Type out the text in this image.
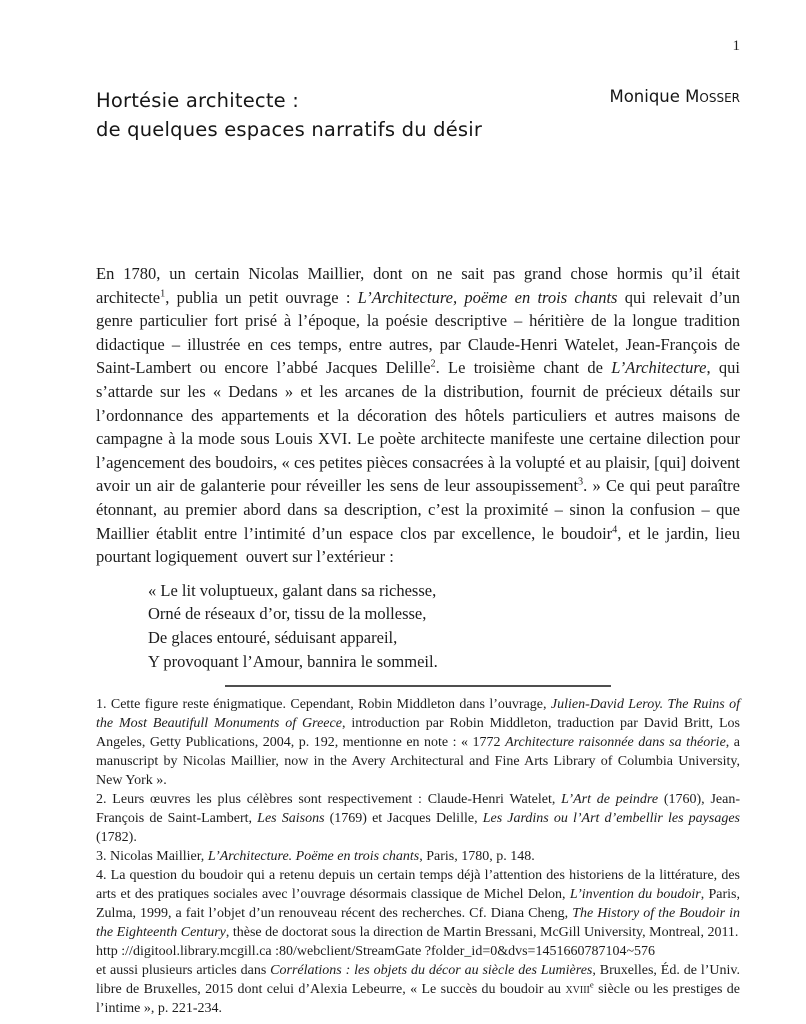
1
Hortésie architecte :
de quelques espaces narratifs du désir
Monique Mosser

En 1780, un certain Nicolas Maillier, dont on ne sait pas grand chose hormis qu’il était architecte$^1$, publia un petit ouvrage : L’Architecture, poëme en trois chants qui relevait d’un genre particulier fort prisé à l’époque, la poésie descriptive – héritière de la longue tradition didactique – illustrée en ces temps, entre autres, par Claude-Henri Watelet, Jean-François de Saint-Lambert ou encore l’abbé Jacques Delille$^2$. Le troisième chant de L’Architecture, qui s’attarde sur les « Dedans » et les arcanes de la distribution, fournit de précieux détails sur l’ordonnance des appartements et la décoration des hôtels particuliers et autres maisons de campagne à la mode sous Louis XVI. Le poète architecte manifeste une certaine dilection pour l’agencement des boudoirs, « ces petites pièces consacrées à la volupté et au plaisir, [qui] doivent avoir un air de galanterie pour réveiller les sens de leur assoupissement$^3$. » Ce qui peut paraître étonnant, au premier abord dans sa description, c’est la proximité – sinon la confusion – que Maillier établit entre l’intimité d’un espace clos par excellence, le boudoir$^4$, et le jardin, lieu pourtant logiquement ouvert sur l’extérieur :

« Le lit voluptueux, galant dans sa richesse,
Orné de réseaux d’or, tissu de la mollesse,
De glaces entouré, séduisant appareil,
Y provoquant l’Amour, bannira le sommeil.

1. Cette figure reste énigmatique. Cependant, Robin Middleton dans l’ouvrage, Julien-David Leroy. The Ruins of the Most Beautifull Monuments of Greece, introduction par Robin Middleton, traduction par David Britt, Los Angeles, Getty Publications, 2004, p. 192, mentionne en note : « 1772 Architecture raisonnée dans sa théorie, a manuscript by Nicolas Maillier, now in the Avery Architectural and Fine Arts Library of Columbia University, New York ».

2. Leurs œuvres les plus célèbres sont respectivement : Claude-Henri Watelet, L’Art de peindre (1760), Jean-François de Saint-Lambert, Les Saisons (1769) et Jacques Delille, Les Jardins ou l’Art d’embellir les paysages (1782).

3. Nicolas Maillier, L’Architecture. Poëme en trois chants, Paris, 1780, p. 148.

4. La question du boudoir qui a retenu depuis un certain temps déjà l’attention des historiens de la littérature, des arts et des pratiques sociales avec l’ouvrage désormais classique de Michel Delon, L’invention du boudoir, Paris, Zulma, 1999, a fait l’objet d’un renouveau récent des recherches. Cf. Diana Cheng, The History of the Boudoir in the Eighteenth Century, thèse de doctorat sous la direction de Martin Bressani, McGill University, Montreal, 2011.

http ://digitool.library.mcgill.ca :80/webclient/StreamGate ?folder_id=0&dvs=1451660787104~576

et aussi plusieurs articles dans Corrélations : les objets du décor au siècle des Lumières, Bruxelles, Éd. de l’Univ. libre de Bruxelles, 2015 dont celui d’Alexia Lebeurre, « Le succès du boudoir au xviii$^e$ siècle ou les prestiges de l’intime », p. 221-234.
